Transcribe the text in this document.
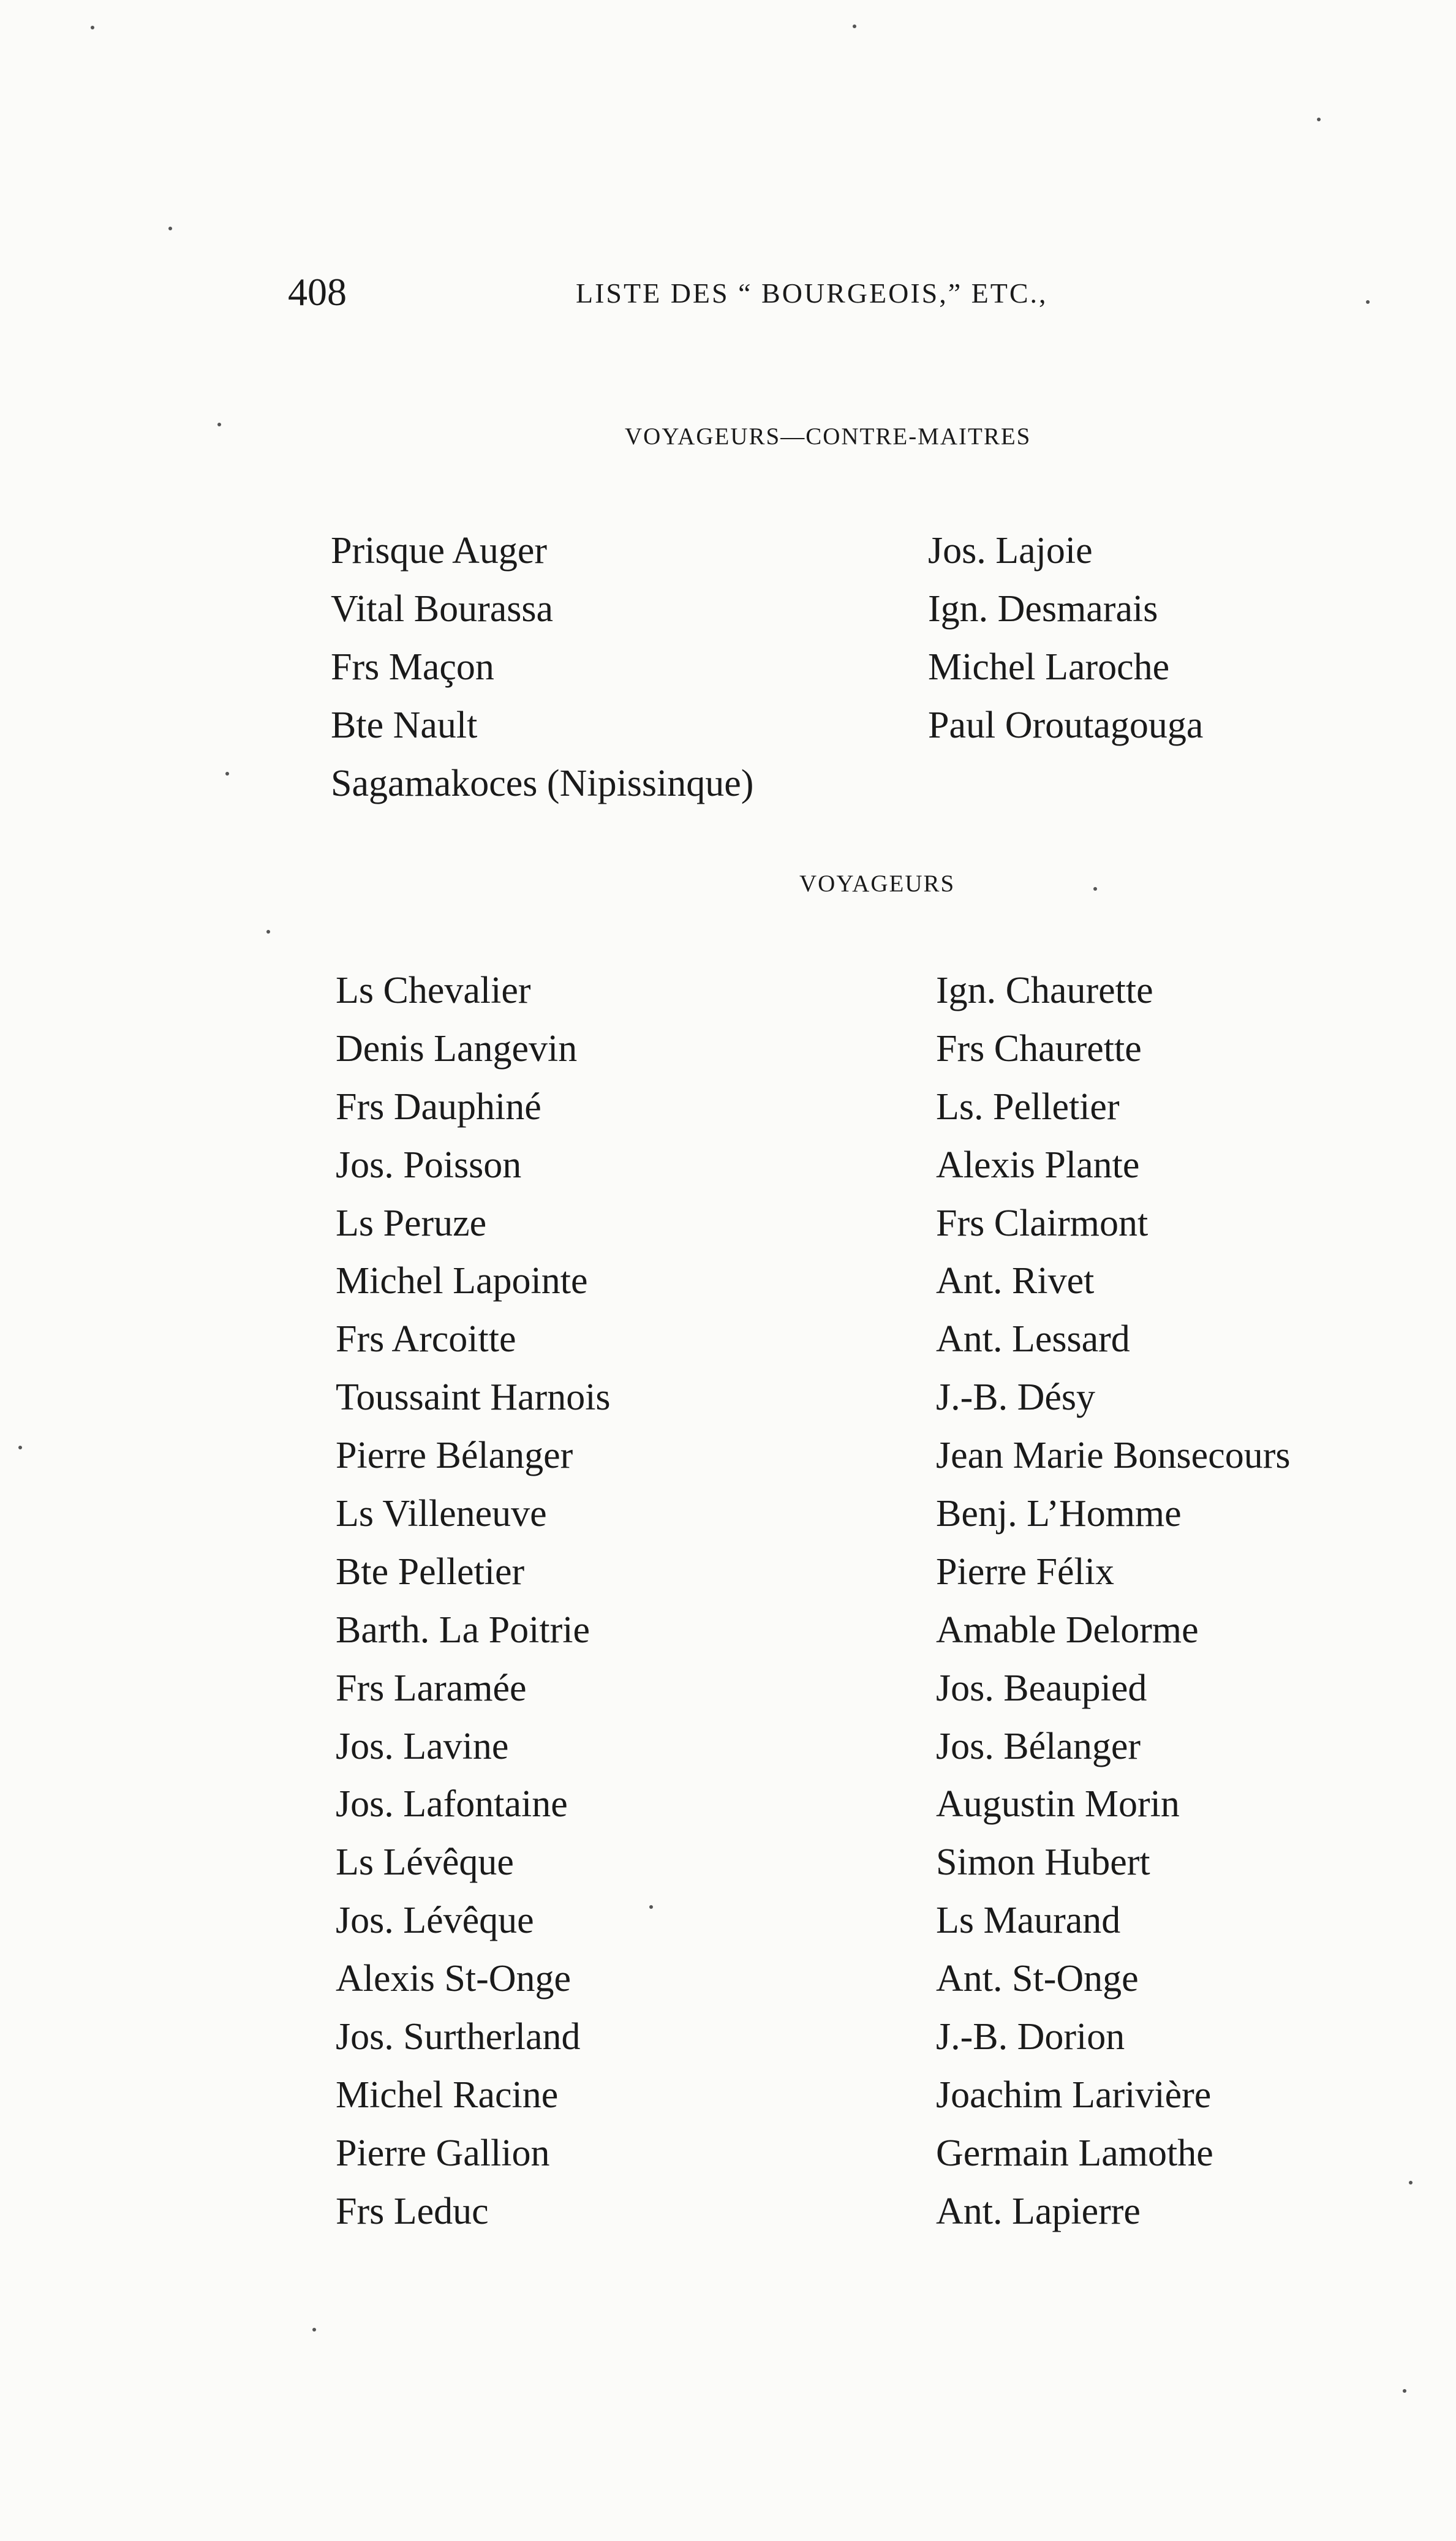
408	LISTE DES “ BOURGEOIS,” ETC.,
VOYAGEURS—CONTRE-MAITRES
Prisque Auger
Vital Bourassa
Frs Maçon
Bte Nault
Sagamakoces (Nipissinque)
Jos. Lajoie
Ign. Desmarais
Michel Laroche
Paul Oroutagouga
VOYAGEURS
Ls Chevalier
Denis Langevin
Frs Dauphiné
Jos. Poisson
Ls Peruze
Michel Lapointe
Frs Arcoitte
Toussaint Harnois
Pierre Bélanger
Ls Villeneuve
Bte Pelletier
Barth. La Poitrie
Frs Laramée
Jos. Lavine
Jos. Lafontaine
Ls Lévêque
Jos. Lévêque
Alexis St-Onge
Jos. Surtherland
Michel Racine
Pierre Gallion
Frs Leduc
Ign. Chaurette
Frs Chaurette
Ls. Pelletier
Alexis Plante
Frs Clairmont
Ant. Rivet
Ant. Lessard
J.-B. Désy
Jean Marie Bonsecours
Benj. L’Homme
Pierre Félix
Amable Delorme
Jos. Beaupied
Jos. Bélanger
Augustin Morin
Simon Hubert
Ls Maurand
Ant. St-Onge
J.-B. Dorion
Joachim Larivière
Germain Lamothe
Ant. Lapierre
